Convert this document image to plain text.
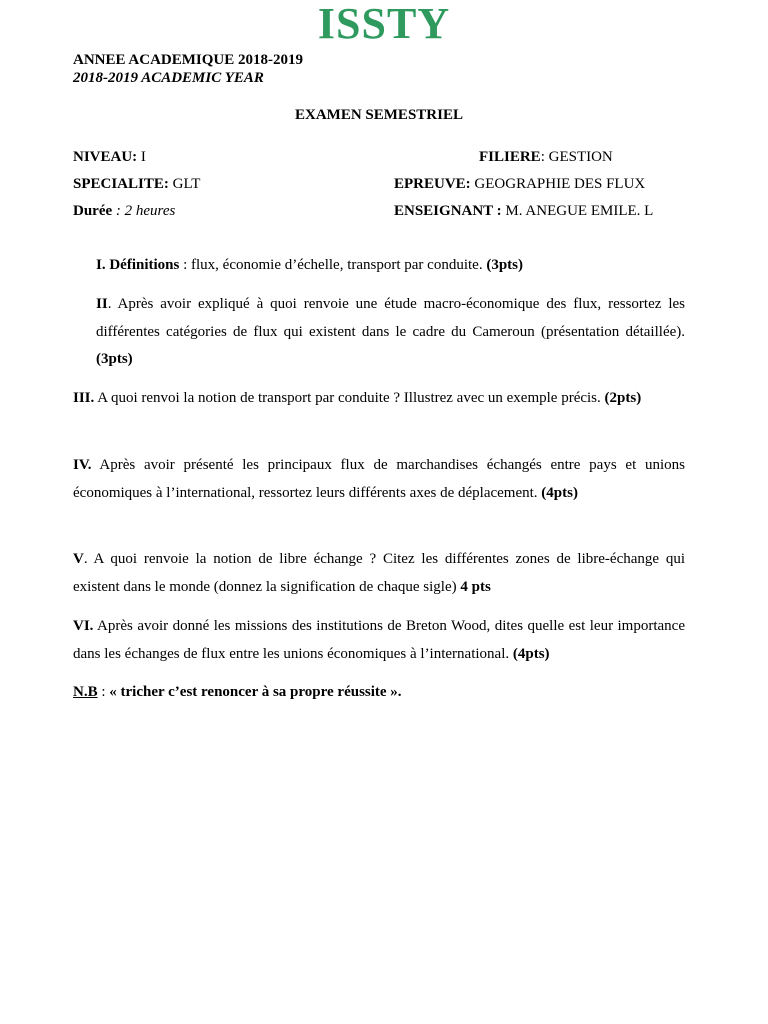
ISSTY
ANNEE ACADEMIQUE 2018-2019
2018-2019 ACADEMIC YEAR
EXAMEN SEMESTRIEL
NIVEAU: I	FILIERE: GESTION
SPECIALITE: GLT	EPREUVE: GEOGRAPHIE DES FLUX
Durée : 2 heures	ENSEIGNANT : M. ANEGUE EMILE. L
I. Définitions : flux, économie d’échelle, transport par conduite. (3pts)
II. Après avoir expliqué à quoi renvoie une étude macro-économique des flux, ressortez les différentes catégories de flux qui existent dans le cadre du Cameroun (présentation détaillée). (3pts)
III. A quoi renvoi la notion de transport par conduite ? Illustrez avec un exemple précis. (2pts)
IV. Après avoir présenté les principaux flux de marchandises échangés entre pays et unions économiques à l’international, ressortez leurs différents axes de déplacement. (4pts)
V. A quoi renvoie la notion de libre échange ? Citez les différentes zones de libre-échange qui existent dans le monde (donnez la signification de chaque sigle) 4 pts
VI. Après avoir donné les missions des institutions de Breton Wood, dites quelle est leur importance dans les échanges de flux entre les unions économiques à l’international. (4pts)
N.B : « tricher c’est renoncer à sa propre réussite ».
